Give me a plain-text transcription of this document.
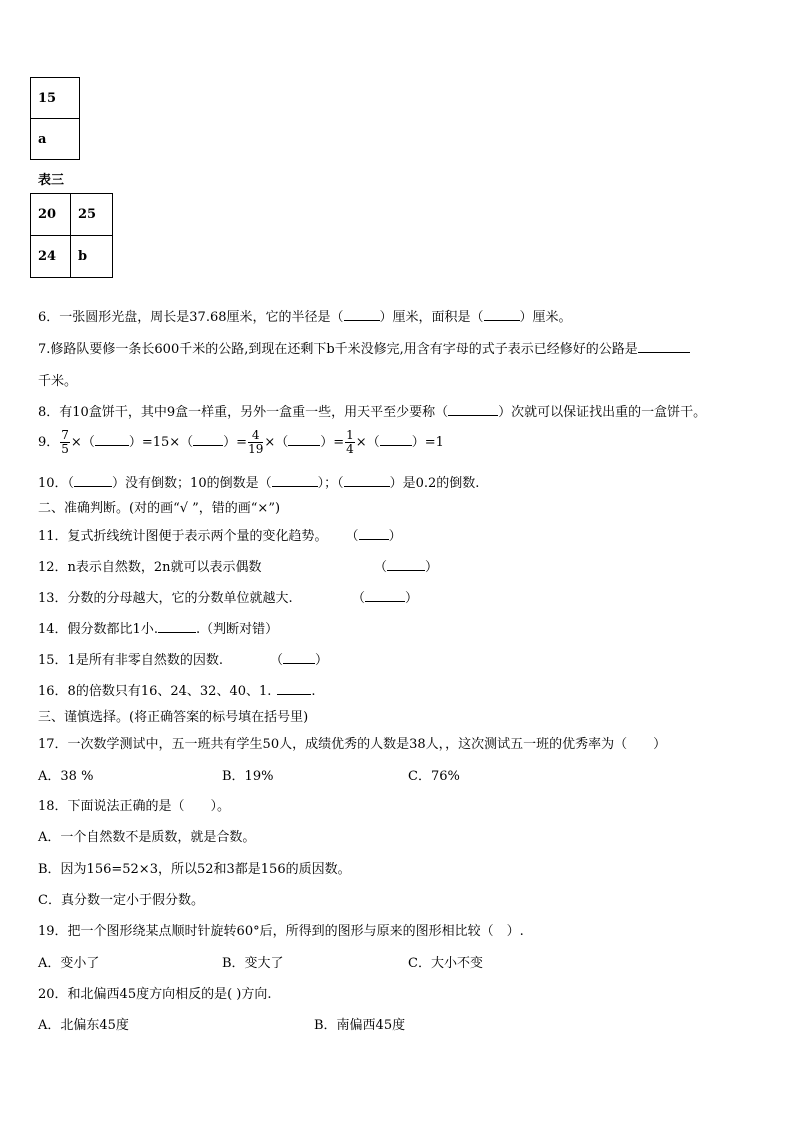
15
a
表三
20	25
24	b
6．一张圆形光盘，周长是37.68厘米，它的半径是（	）厘米，面积是（	）厘米。
7.修路队要修一条长600千米的公路,到现在还剩下b千米没修完,用含有字母的式子表示已经修好的公路是
千米。
8．有10盒饼干，其中9盒一样重，另外一盒重一些，用天平至少要称（	）次就可以保证找出重的一盒饼干。
9． $\frac{7}{5}$ ×（	）=15×（ ）= $\frac{4}{19}$ ×（ ）= $\frac{1}{4}$ ×（ ）=1
10．（	）没有倒数；10的倒数是（	）；（	）是0.2的倒数.
二、准确判断。(对的画“√ ”，错的画“×”)
11．复式折线统计图便于表示两个量的变化趋势。 （ ）
12．n表示自然数，2n就可以表示偶数	（	）
13．分数的分母越大，它的分数单位就越大.	（	）
14．假分数都比1小.	.（判断对错）
15．1是所有非零自然数的因数.	（ ）
16．8的倍数只有16、24、32、40、1.	.
三、谨慎选择。(将正确答案的标号填在括号里)
17．一次数学测试中，五一班共有学生50人，成绩优秀的人数是38人，，这次测试五一班的优秀率为（　　）
A．38 %	B．19%	C．76%
18．下面说法正确的是（　　）。
A．一个自然数不是质数，就是合数。
B．因为156=52×3，所以52和3都是156的质因数。
C．真分数一定小于假分数。
19．把一个图形绕某点顺时针旋转60°后，所得到的图形与原来的图形相比较（　）.
A．变小了	B．变大了	C．大小不变
20．和北偏西45度方向相反的是( )方向.
A．北偏东45度	B．南偏西45度
